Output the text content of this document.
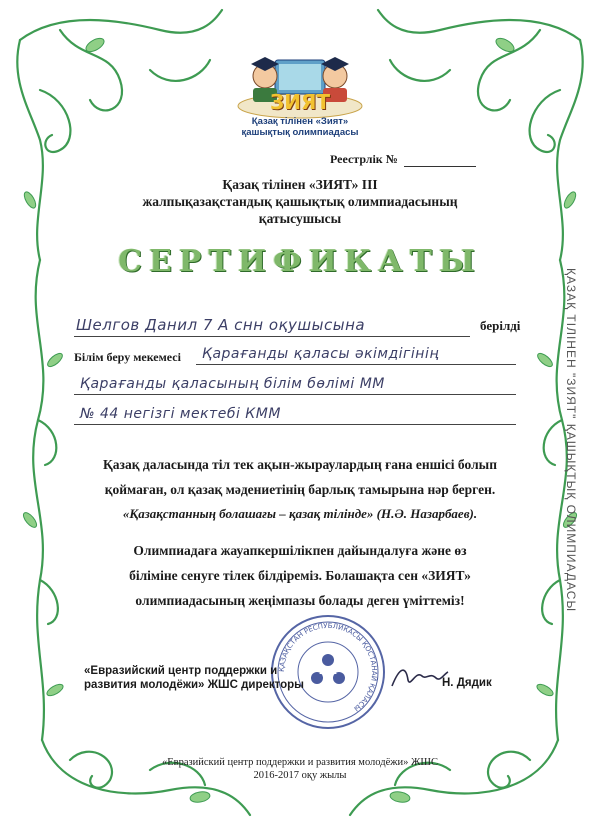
ЗИЯТ
Қазақ тілінен «Зият»
қашықтық олимпиадасы
Реестрлік №
Қазақ тілінен «ЗИЯТ» III
жалпықазақстандық қашықтық олимпиадасының
қатысушысы
СЕРТИФИКАТЫ
Шелгов Данил 7 А снн оқушысына	берілді
Білім беру мекемесі Қарағанды қаласы әкімдігінің
Қарағанды қаласының білім бөлімі ММ
№ 44 негізгі мектебі КММ
Қазақ даласында тіл тек ақын-жыраулардың ғана еншісі болып
қоймаған, ол қазақ мәдениетінің барлық тамырына нәр берген.
«Қазақстанның болашағы – қазақ тілінде» (Н.Ә. Назарбаев).
Олимпиадаға жауапкершілікпен дайындалуға және өз
біліміне сенуге тілек білдіреміз. Болашақта сен «ЗИЯТ»
олимпиадасының жеңімпазы болады деген үміттеміз!
ҚАЗАҚСТАН РЕСПУБЛИКАСЫ ҚОСТАНАЙ ҚАЛАСЫ
«Евразийский центр поддержки и
развития молодёжи» ЖШС директоры	Н. Дядик
«Евразийский центр поддержки и развития молодёжи» ЖШС
2016-2017 оқу жылы
ҚАЗАҚ ТІЛІНЕН "ЗИЯТ" ҚАШЫҚТЫҚ ОЛИМПИАДАСЫ
